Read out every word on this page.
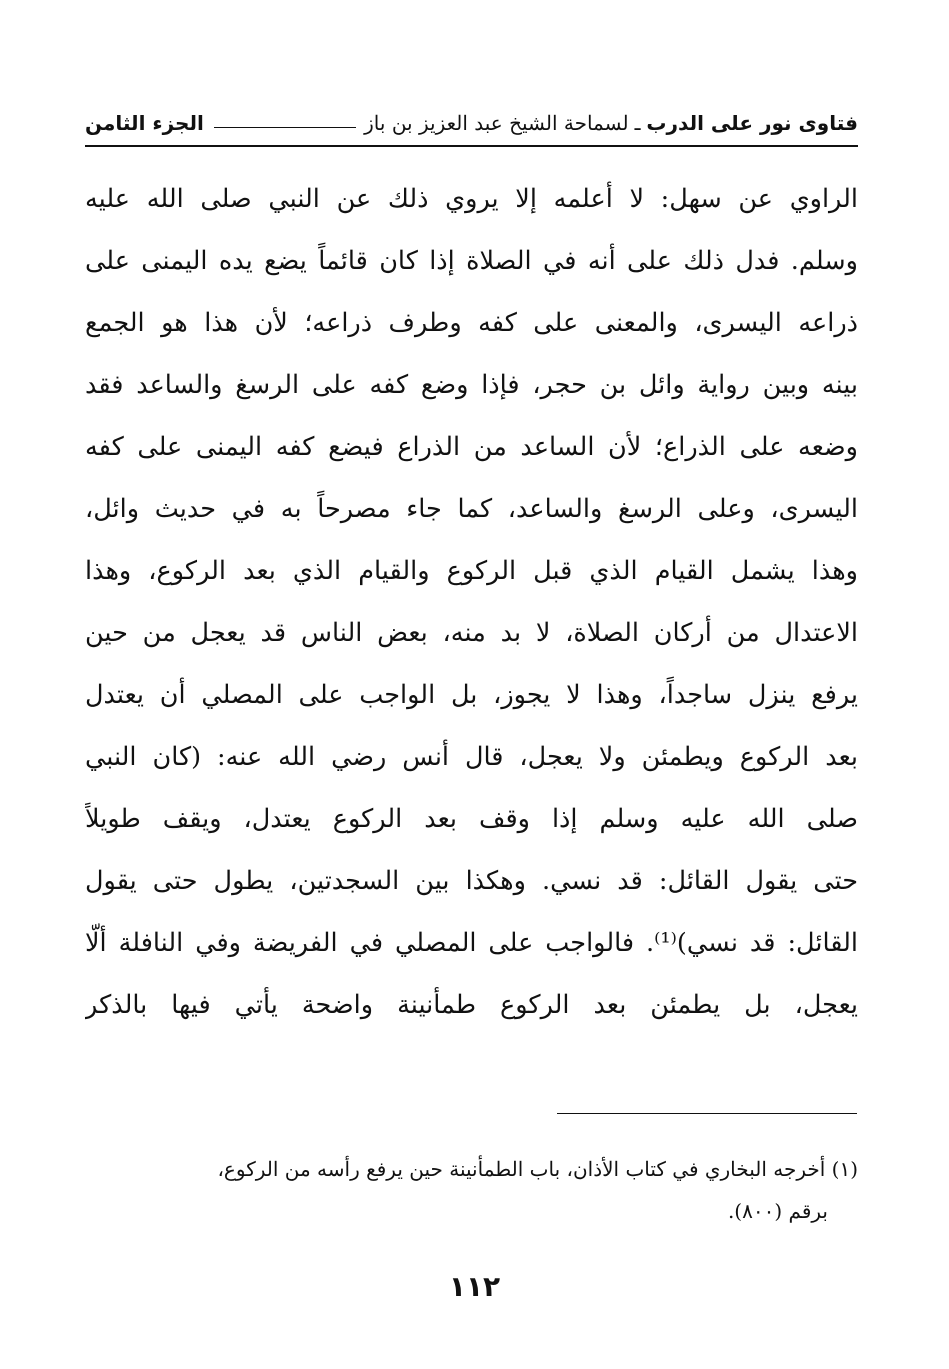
فتاوى نور على الدرب
ـ
لسماحة الشيخ عبد العزيز بن باز
الجزء الثامن
الراوي عن سهل: لا أعلمه إلا يروي ذلك عن النبي صلى الله عليه
وسلم. فدل ذلك على أنه في الصلاة إذا كان قائماً يضع يده اليمنى على
ذراعه اليسرى، والمعنى على كفه وطرف ذراعه؛ لأن هذا هو الجمع
بينه وبين رواية وائل بن حجر، فإذا وضع كفه على الرسغ والساعد فقد
وضعه على الذراع؛ لأن الساعد من الذراع فيضع كفه اليمنى على كفه
اليسرى، وعلى الرسغ والساعد، كما جاء مصرحاً به في حديث وائل،
وهذا يشمل القيام الذي قبل الركوع والقيام الذي بعد الركوع، وهذا
الاعتدال من أركان الصلاة، لا بد منه، بعض الناس قد يعجل من حين
يرفع ينزل ساجداً، وهذا لا يجوز، بل الواجب على المصلي أن يعتدل
بعد الركوع ويطمئن ولا يعجل، قال أنس رضي الله عنه: (كان النبي
صلى الله عليه وسلم إذا وقف بعد الركوع يعتدل، ويقف طويلاً
حتى يقول القائل: قد نسي. وهكذا بين السجدتين، يطول حتى يقول
القائل: قد نسي)⁽¹⁾. فالواجب على المصلي في الفريضة وفي النافلة ألّا
يعجل، بل يطمئن بعد الركوع طمأنينة واضحة يأتي فيها بالذكر
(١) أخرجه البخاري في كتاب الأذان، باب الطمأنينة حين يرفع رأسه من الركوع،
برقم (٨٠٠).
١١٢
